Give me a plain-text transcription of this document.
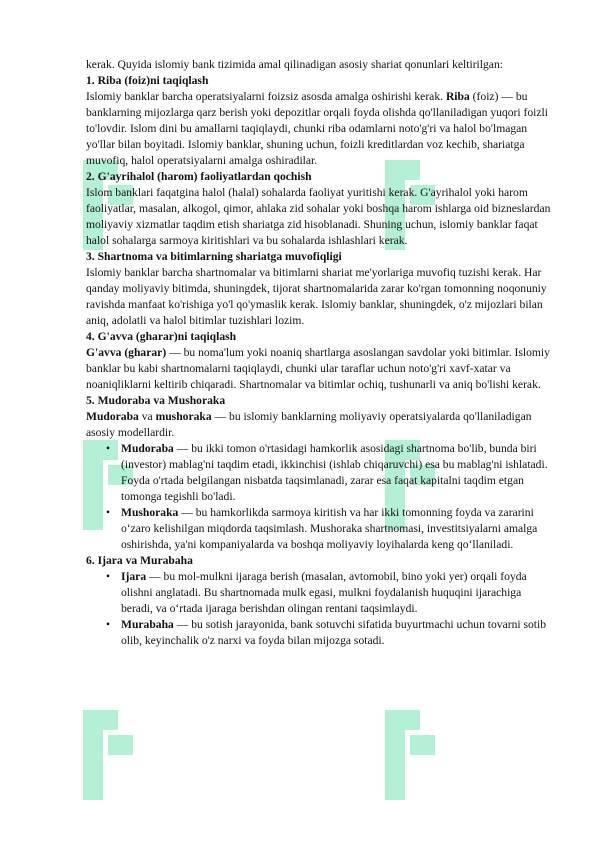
kerak. Quyida islomiy bank tizimida amal qilinadigan asosiy shariat qonunlari keltirilgan:

1. Riba (foiz)ni taqiqlash

Islomiy banklar barcha operatsiyalarni foizsiz asosda amalga oshirishi kerak. Riba (foiz) — bu banklarning mijozlarga qarz berish yoki depozitlar orqali foyda olishda qo'llaniladigan yuqori foizli to'lovdir. Islom dini bu amallarni taqiqlaydi, chunki riba odamlarni noto'g'ri va halol bo'lmagan yo'llar bilan boyitadi. Islomiy banklar, shuning uchun, foizli kreditlardan voz kechib, shariatga muvofiq, halol operatsiyalarni amalga oshiradilar.

2. G'ayrihalol (harom) faoliyatlardan qochish

Islom banklari faqatgina halol (halal) sohalarda faoliyat yuritishi kerak. G'ayrihalol yoki harom faoliyatlar, masalan, alkogol, qimor, ahlaka zid sohalar yoki boshqa harom ishlarga oid bizneslardan moliyaviy xizmatlar taqdim etish shariatga zid hisoblanadi. Shuning uchun, islomiy banklar faqat halol sohalarga sarmoya kiritishlari va bu sohalarda ishlashlari kerak.

3. Shartnoma va bitimlarning shariatga muvofiqligi

Islomiy banklar barcha shartnomalar va bitimlarni shariat me'yorlariga muvofiq tuzishi kerak. Har qanday moliyaviy bitimda, shuningdek, tijorat shartnomalarida zarar ko'rgan tomonning noqonuniy ravishda manfaat ko'rishiga yo'l qo'ymaslik kerak. Islomiy banklar, shuningdek, o'z mijozlari bilan aniq, adolatli va halol bitimlar tuzishlari lozim.

4. G'avva (gharar)ni taqiqlash

G'avva (gharar) — bu noma'lum yoki noaniq shartlarga asoslangan savdolar yoki bitimlar. Islomiy banklar bu kabi shartnomalarni taqiqlaydi, chunki ular taraflar uchun noto'g'ri xavf-xatar va noaniqliklarni keltirib chiqaradi. Shartnomalar va bitimlar ochiq, tushunarli va aniq bo'lishi kerak.

5. Mudoraba va Mushoraka

Mudoraba va mushoraka — bu islomiy banklarning moliyaviy operatsiyalarda qo'llaniladigan asosiy modellardir.

• Mudoraba — bu ikki tomon o'rtasidagi hamkorlik asosidagi shartnoma bo'lib, bunda biri (investor) mablag'ni taqdim etadi, ikkinchisi (ishlab chiqaruvchi) esa bu mablag'ni ishlatadi. Foyda o'rtada belgilangan nisbatda taqsimlanadi, zarar esa faqat kapitalni taqdim etgan tomonga tegishli bo'ladi.
• Mushoraka — bu hamkorlikda sarmoya kiritish va har ikki tomonning foyda va zararini o‘zaro kelishilgan miqdorda taqsimlash. Mushoraka shartnomasi, investitsiyalarni amalga oshirishda, ya'ni kompaniyalarda va boshqa moliyaviy loyihalarda keng qo‘llaniladi.

6. Ijara va Murabaha

• Ijara — bu mol-mulkni ijaraga berish (masalan, avtomobil, bino yoki yer) orqali foyda olishni anglatadi. Bu shartnomada mulk egasi, mulkni foydalanish huquqini ijarachiga beradi, va o‘rtada ijaraga berishdan olingan rentani taqsimlaydi.
• Murabaha — bu sotish jarayonida, bank sotuvchi sifatida buyurtmachi uchun tovarni sotib olib, keyinchalik o'z narxi va foyda bilan mijozga sotadi.
